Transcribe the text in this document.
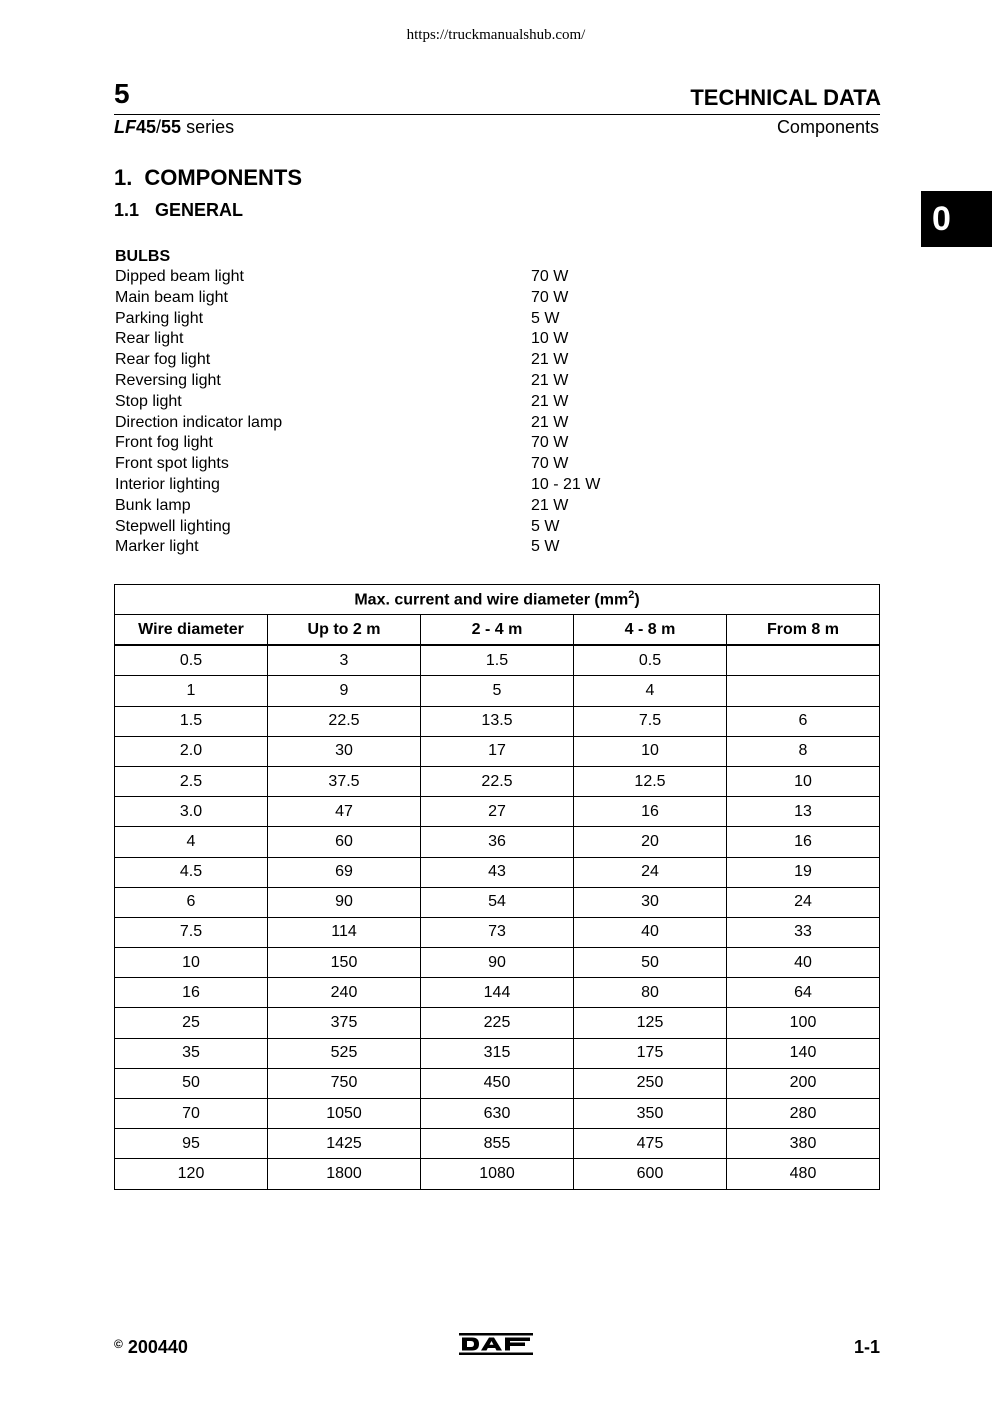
https://truckmanualshub.com/
5	TECHNICAL DATA
LF45/55 series	Components
0
1. COMPONENTS
1.1 GENERAL
BULBS
Dipped beam light	70 W
Main beam light	70 W
Parking light	5 W
Rear light	10 W
Rear fog light	21 W
Reversing light	21 W
Stop light	21 W
Direction indicator lamp	21 W
Front fog light	70 W
Front spot lights	70 W
Interior lighting	10 - 21 W
Bunk lamp	21 W
Stepwell lighting	5 W
Marker light	5 W
Max. current and wire diameter $(mm^2)$				
Wire diameter	Up to 2 m	2 - 4 m	4 - 8 m	From 8 m
0.5	3	1.5	0.5	
1	9	5	4	
1.5	22.5	13.5	7.5	6
2.0	30	17	10	8
2.5	37.5	22.5	12.5	10
3.0	47	27	16	13
4	60	36	20	16
4.5	69	43	24	19
6	90	54	30	24
7.5	114	73	40	33
10	150	90	50	40
16	240	144	80	64
25	375	225	125	100
35	525	315	175	140
50	750	450	250	200
70	1050	630	350	280
95	1425	855	475	380
120	1800	1080	600	480
© 200440	1-1
